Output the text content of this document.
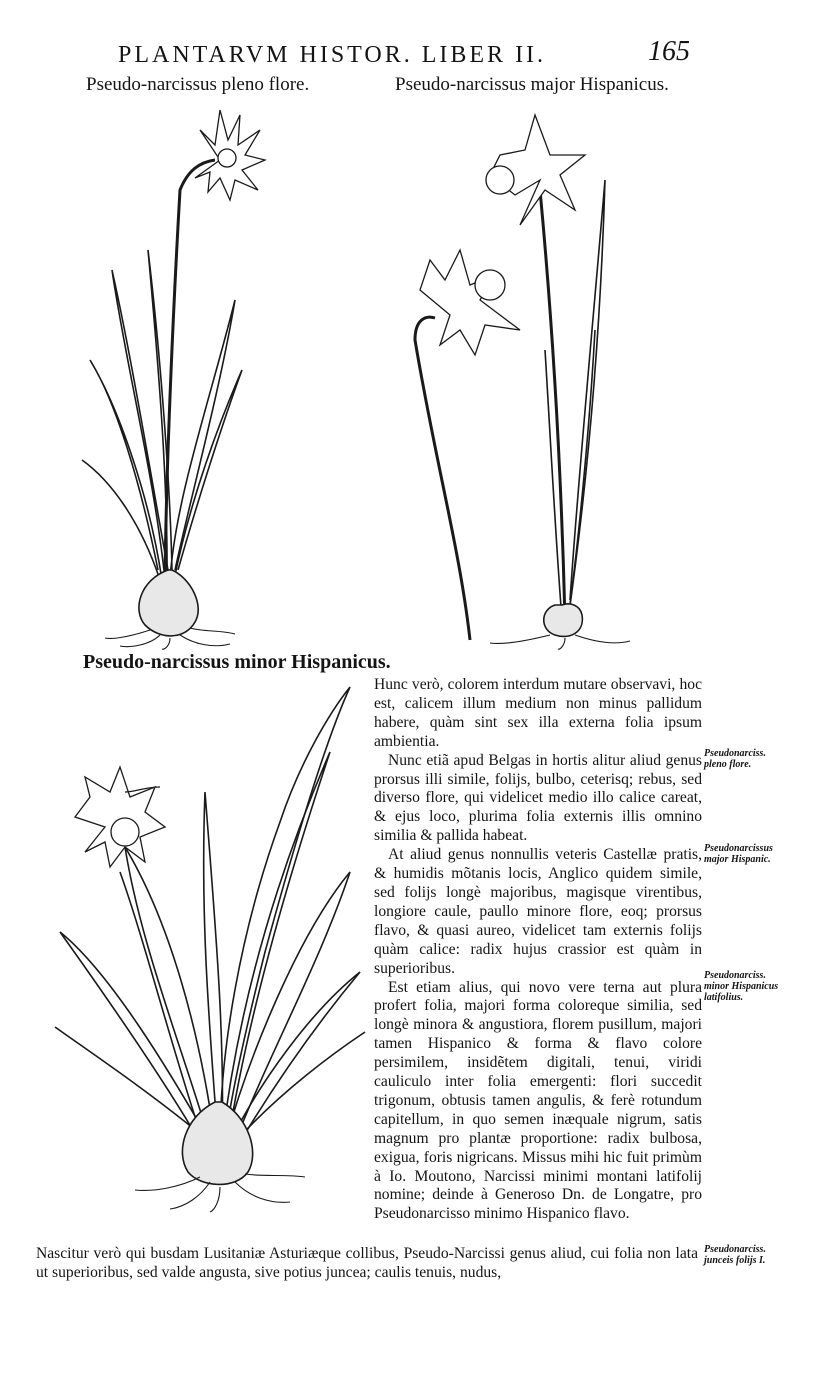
PLANTARVM HISTOR. LIBER II.	165
Pseudo-narcissus pleno flore.	Pseudo-narcissus major Hispanicus.
Pseudo-narcissus minor Hispanicus.

Hunc verò, colorem interdum mutare observavi, hoc est, calicem illum medium non minus pallidum habere, quàm sint sex illa externa folia ipsum ambientia.

Nunc etiã apud Belgas in hortis alitur aliud genus prorsus illi simile, folijs, bulbo, ceterisq; rebus, sed diverso flore, qui videlicet medio illo calice careat, & ejus loco, plurima folia externis illis omnino similia & pallida habeat.

At aliud genus nonnullis veteris Castellæ pratis, & humidis mõtanis locis, Anglico quidem simile, sed folijs longè majoribus, magisque virentibus, longiore caule, paullo minore flore, eoq; prorsus flavo, & quasi aureo, videlicet tam externis folijs quàm calice: radix hujus crassior est quàm in superioribus.

Est etiam alius, qui novo vere terna aut plura profert folia, majori forma coloreque similia, sed longè minora & angustiora, florem pusillum, majori tamen Hispanico & forma & flavo colore persimilem, insidẽtem digitali, tenui, viridi cauliculo inter folia emergenti: flori succedit trigonum, obtusis tamen angulis, & ferè rotundum capitellum, in quo semen inæquale nigrum, satis magnum pro plantæ proportione: radix bulbosa, exigua, foris nigricans. Missus mihi hic fuit primùm à Io. Moutono, Narcissi minimi montani latifolij nomine; deinde à Generoso Dn. de Longatre, pro Pseudonarcisso minimo Hispanico flavo.

Nascitur verò qui busdam Lusitaniæ Asturiæque collibus, Pseudo-Narcissi genus aliud, cui folia non lata ut superioribus, sed valde angusta, sive potius juncea; caulis tenuis, nudus,
Pseudonarciss. pleno flore.
Pseudonarcissus major Hispanic.
Pseudonarciss. minor Hispanicus latifolius.
Pseudonarciss. junceis folijs I.
